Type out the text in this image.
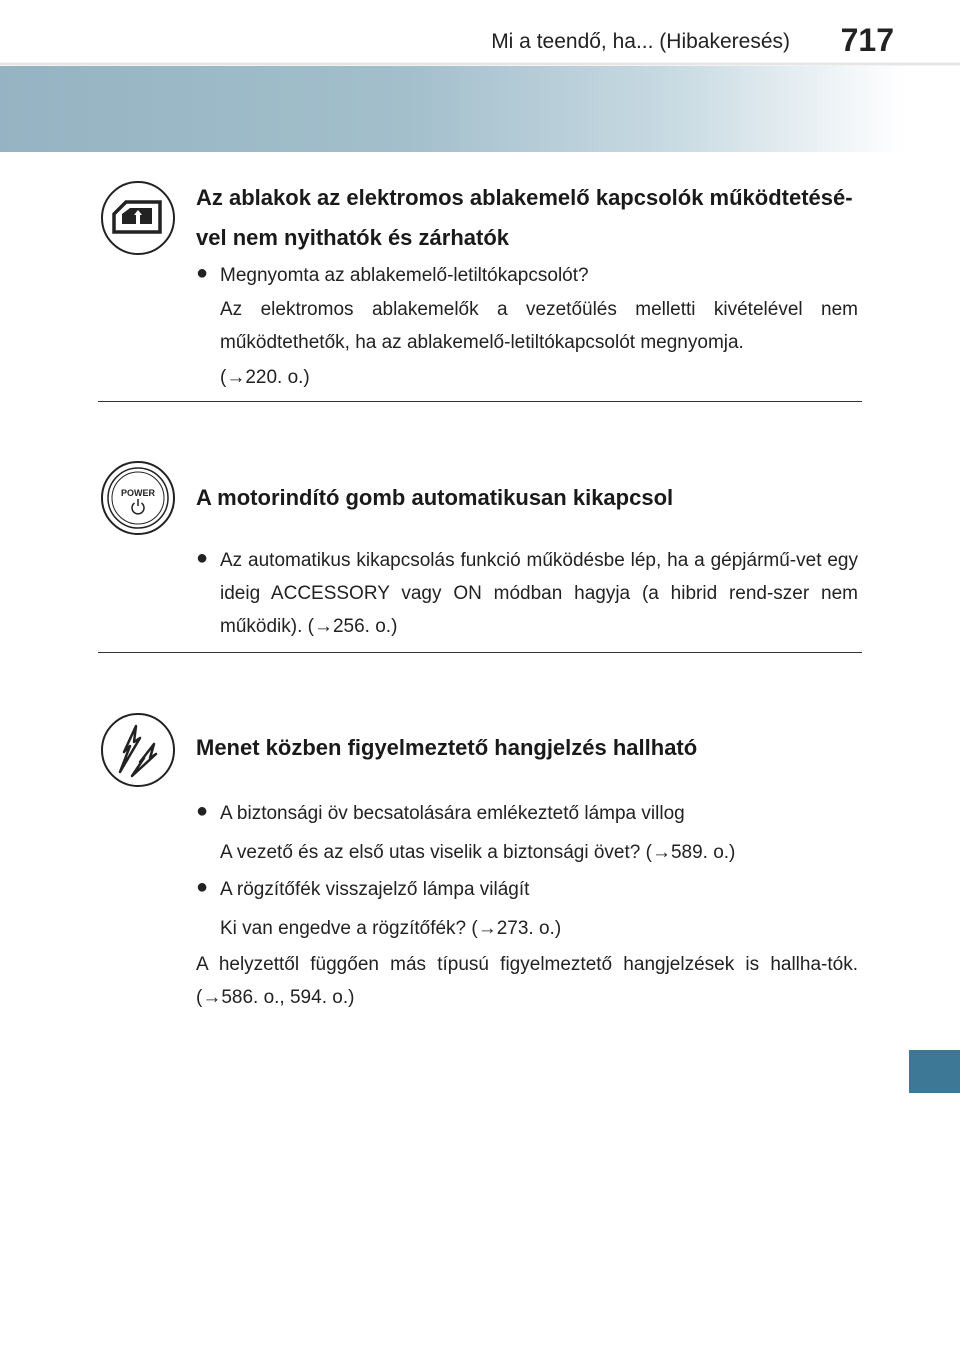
Mi a teendő, ha... (Hibakeresés) 717
Az ablakok az elektromos ablakemelő kapcsolók működtetésé-vel nem nyithatók és zárhatók
● Megnyomta az ablakemelő-letiltókapcsolót?
Az elektromos ablakemelők a vezetőülés melletti kivételével nem működtethetők, ha az ablakemelő-letiltókapcsolót megnyomja.
(→220. o.)
POWER A motorindító gomb automatikusan kikapcsol
● Az automatikus kikapcsolás funkció működésbe lép, ha a gépjármű-vet egy ideig ACCESSORY vagy ON módban hagyja (a hibrid rend-szer nem működik). (→256. o.)
Menet közben figyelmeztető hangjelzés hallható
● A biztonsági öv becsatolására emlékeztető lámpa villog
A vezető és az első utas viselik a biztonsági övet? (→589. o.)
● A rögzítőfék visszajelző lámpa világít
Ki van engedve a rögzítőfék? (→273. o.)
A helyzettől függően más típusú figyelmeztető hangjelzések is hallha-tók. (→586. o., 594. o.)
